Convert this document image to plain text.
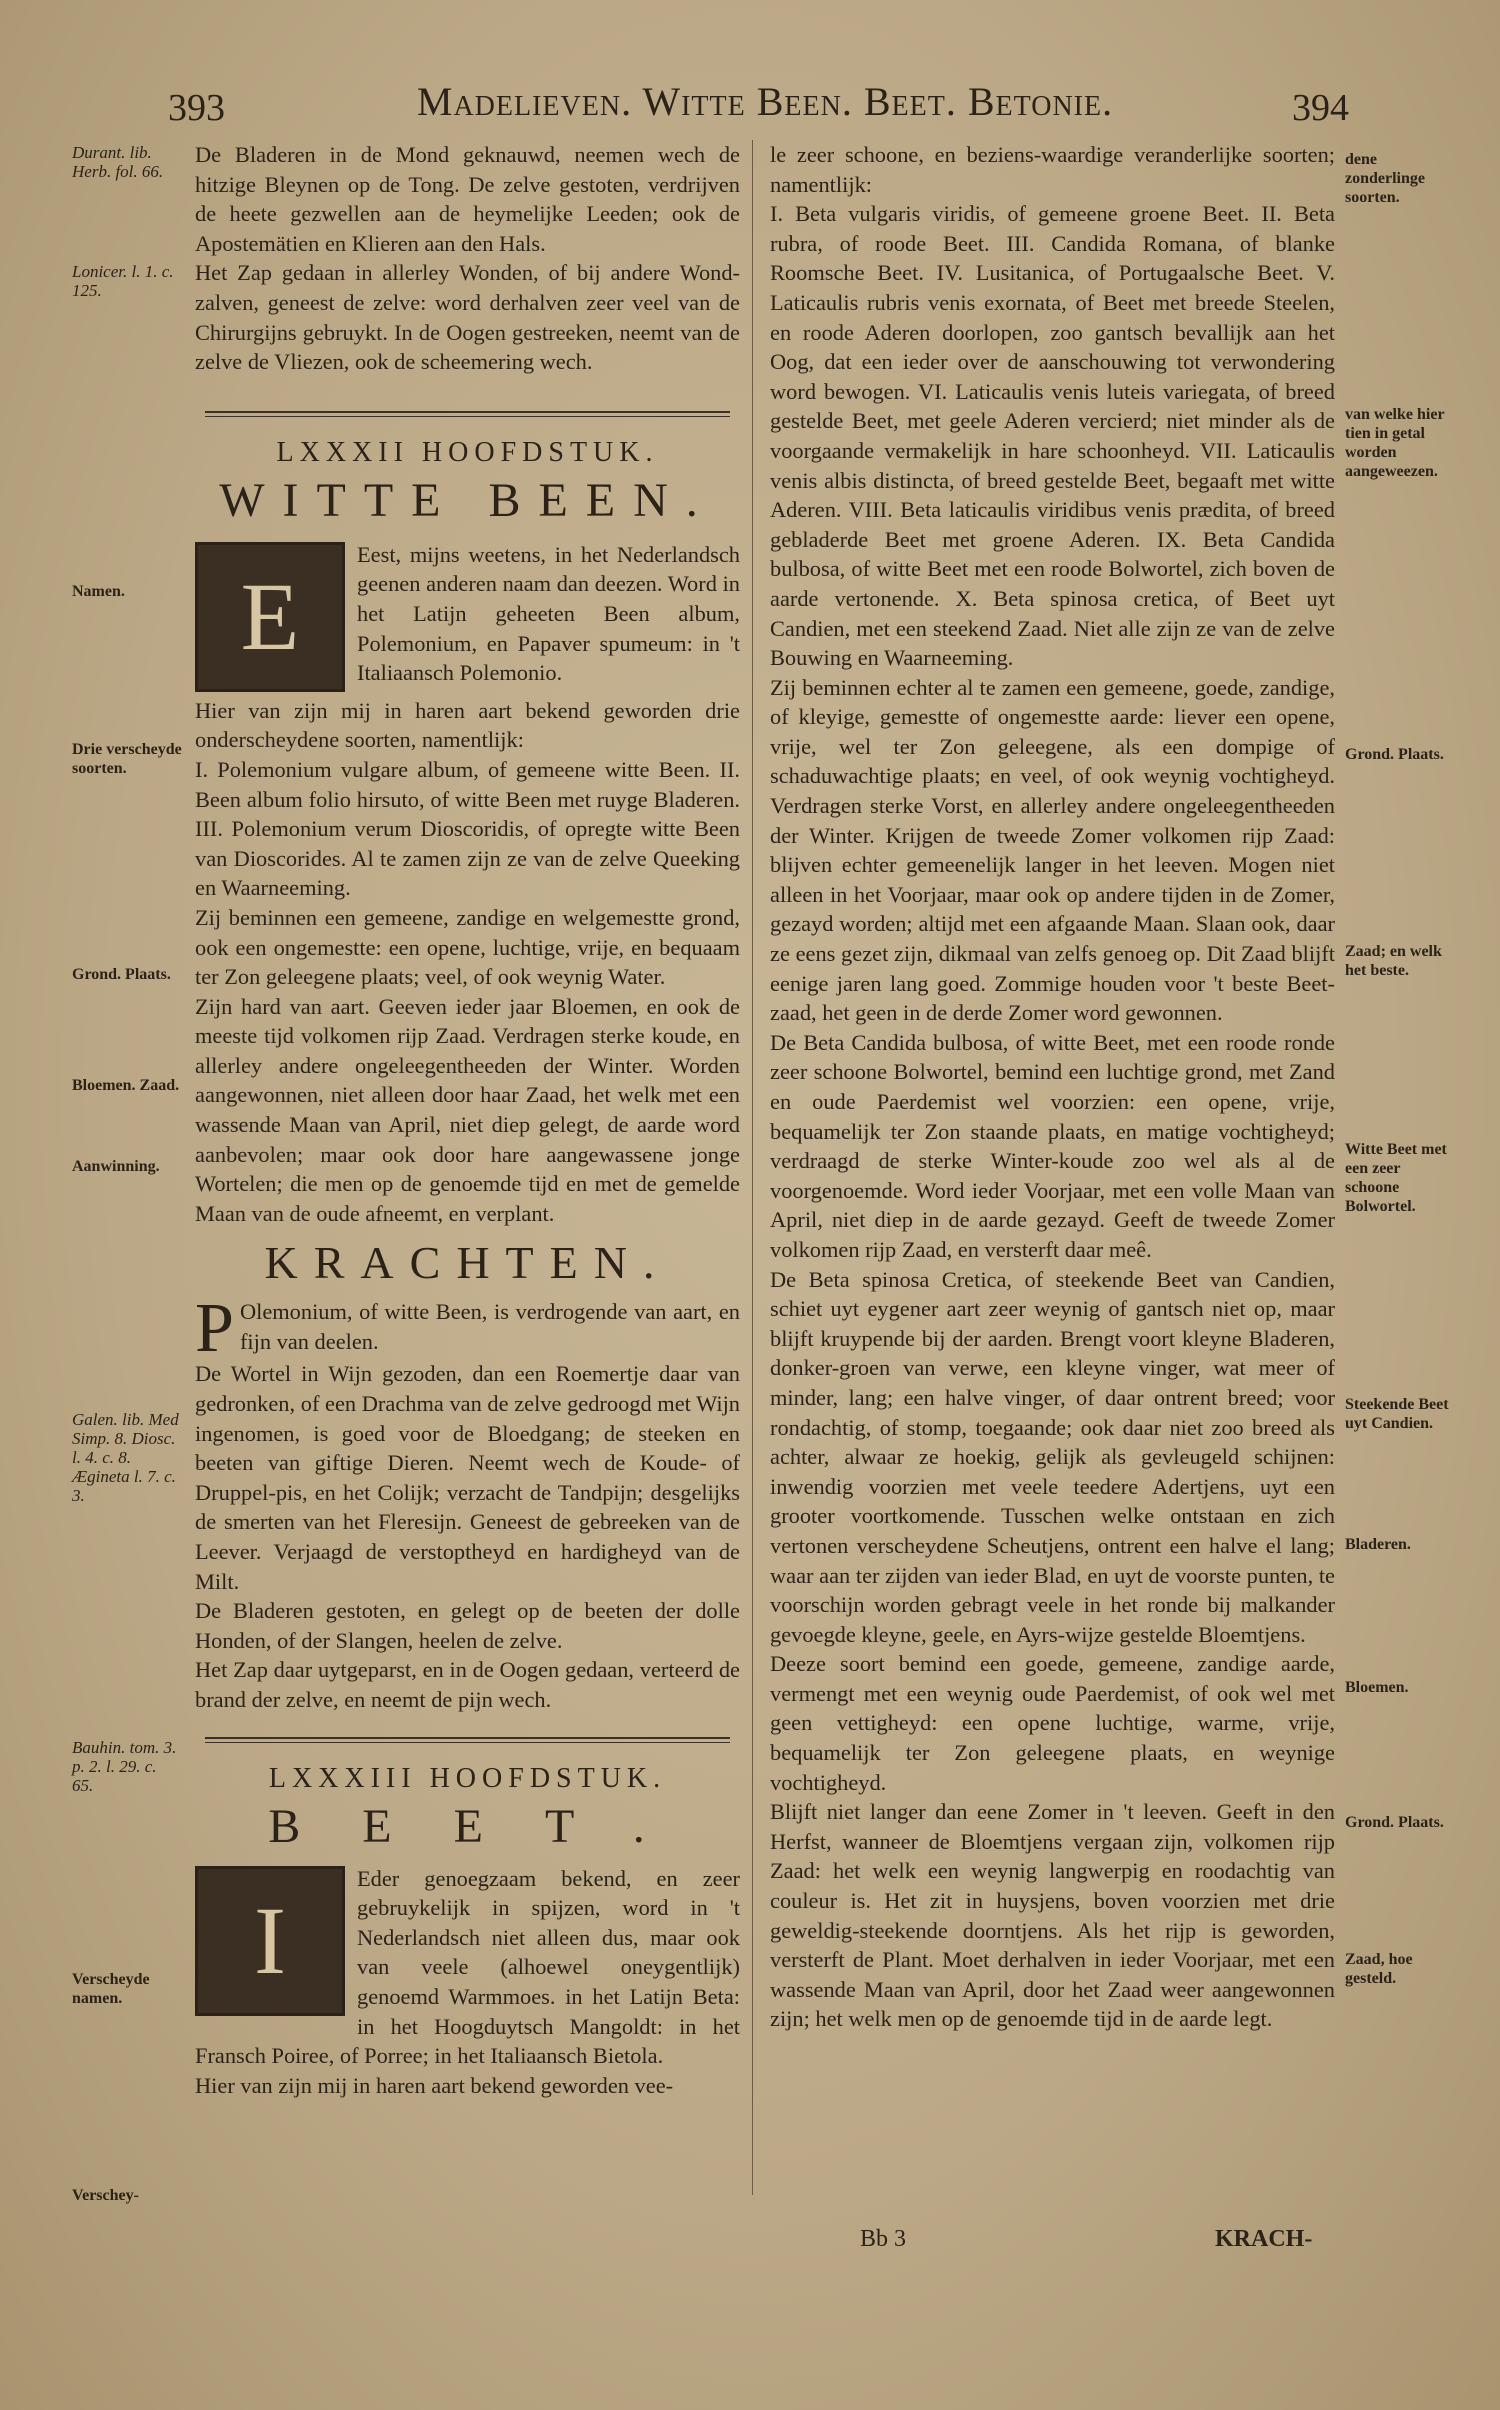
393	Madelieven. Witte Been. Beet. Betonie.	394
Durant. lib. Herb. fol. 66.
Lonicer. l. 1. c. 125.
Namen.
Drie verscheyde soorten.
Grond. Plaats.
Bloemen. Zaad.
Aanwinning.
Galen. lib. Med Simp. 8. Diosc. l. 4. c. 8. Ægineta l. 7. c. 3.
Bauhin. tom. 3. p. 2. l. 29. c. 65.
Verscheyde namen.
Verschey-

De Bladeren in de Mond geknauwd, neemen wech de hitzige Bleynen op de Tong. De zelve gestoten, verdrijven de heete gezwellen aan de heymelijke Leeden; ook de Apostemätien en Klieren aan den Hals.

Het Zap gedaan in allerley Wonden, of bij andere Wond-zalven, geneest de zelve: word derhalven zeer veel van de Chirurgijns gebruykt. In de Oogen gestreeken, neemt van de zelve de Vliezen, ook de scheemering wech.

LXXXII HOOFDSTUK.
WITTE BEEN.
E

Eest, mijns weetens, in het Nederlandsch geenen anderen naam dan deezen. Word in het Latijn geheeten Been album, Polemonium, en Papaver spumeum: in 't Italiaansch Polemonio.

Hier van zijn mij in haren aart bekend geworden drie onderscheydene soorten, namentlijk:

I. Polemonium vulgare album, of gemeene witte Been. II. Been album folio hirsuto, of witte Been met ruyge Bladeren. III. Polemonium verum Dioscoridis, of opregte witte Been van Dioscorides. Al te zamen zijn ze van de zelve Queeking en Waarneeming.

Zij beminnen een gemeene, zandige en welgemestte grond, ook een ongemestte: een opene, luchtige, vrije, en bequaam ter Zon geleegene plaats; veel, of ook weynig Water.

Zijn hard van aart. Geeven ieder jaar Bloemen, en ook de meeste tijd volkomen rijp Zaad. Verdragen sterke koude, en allerley andere ongeleegentheeden der Winter. Worden aangewonnen, niet alleen door haar Zaad, het welk met een wassende Maan van April, niet diep gelegt, de aarde word aanbevolen; maar ook door hare aangewassene jonge Wortelen; die men op de genoemde tijd en met de gemelde Maan van de oude afneemt, en verplant.

KRACHTEN.
P Olemonium, of witte Been, is verdrogende van aart, en fijn van deelen.

De Wortel in Wijn gezoden, dan een Roemertje daar van gedronken, of een Drachma van de zelve gedroogd met Wijn ingenomen, is goed voor de Bloedgang; de steeken en beeten van giftige Dieren. Neemt wech de Koude- of Druppel-pis, en het Colijk; verzacht de Tandpijn; desgelijks de smerten van het Fleresijn. Geneest de gebreeken van de Leever. Verjaagd de verstoptheyd en hardigheyd van de Milt.

De Bladeren gestoten, en gelegt op de beeten der dolle Honden, of der Slangen, heelen de zelve.

Het Zap daar uytgeparst, en in de Oogen gedaan, verteerd de brand der zelve, en neemt de pijn wech.

LXXXIII HOOFDSTUK.
BEET.
I

Eder genoegzaam bekend, en zeer gebruykelijk in spijzen, word in 't Nederlandsch niet alleen dus, maar ook van veele (alhoewel oneygentlijk) genoemd Warmmoes. in het Latijn Beta: in het Hoogduytsch Mangoldt: in het Fransch Poiree, of Porree; in het Italiaansch Bietola.

Hier van zijn mij in haren aart bekend geworden vee-

le zeer schoone, en beziens-waardige veranderlijke soorten; namentlijk:

I. Beta vulgaris viridis, of gemeene groene Beet. II. Beta rubra, of roode Beet. III. Candida Romana, of blanke Roomsche Beet. IV. Lusitanica, of Portugaalsche Beet. V. Laticaulis rubris venis exornata, of Beet met breede Steelen, en roode Aderen doorlopen, zoo gantsch bevallijk aan het Oog, dat een ieder over de aanschouwing tot verwondering word bewogen. VI. Laticaulis venis luteis variegata, of breed gestelde Beet, met geele Aderen vercierd; niet minder als de voorgaande vermakelijk in hare schoonheyd. VII. Laticaulis venis albis distincta, of breed gestelde Beet, begaaft met witte Aderen. VIII. Beta laticaulis viridibus venis prædita, of breed gebladerde Beet met groene Aderen. IX. Beta Candida bulbosa, of witte Beet met een roode Bolwortel, zich boven de aarde vertonende. X. Beta spinosa cretica, of Beet uyt Candien, met een steekend Zaad. Niet alle zijn ze van de zelve Bouwing en Waarneeming.

Zij beminnen echter al te zamen een gemeene, goede, zandige, of kleyige, gemestte of ongemestte aarde: liever een opene, vrije, wel ter Zon geleegene, als een dompige of schaduwachtige plaats; en veel, of ook weynig vochtigheyd. Verdragen sterke Vorst, en allerley andere ongeleegentheeden der Winter. Krijgen de tweede Zomer volkomen rijp Zaad: blijven echter gemeenelijk langer in het leeven. Mogen niet alleen in het Voorjaar, maar ook op andere tijden in de Zomer, gezayd worden; altijd met een afgaande Maan. Slaan ook, daar ze eens gezet zijn, dikmaal van zelfs genoeg op. Dit Zaad blijft eenige jaren lang goed. Zommige houden voor 't beste Beet-zaad, het geen in de derde Zomer word gewonnen.

De Beta Candida bulbosa, of witte Beet, met een roode ronde zeer schoone Bolwortel, bemind een luchtige grond, met Zand en oude Paerdemist wel voorzien: een opene, vrije, bequamelijk ter Zon staande plaats, en matige vochtigheyd; verdraagd de sterke Winter-koude zoo wel als al de voorgenoemde. Word ieder Voorjaar, met een volle Maan van April, niet diep in de aarde gezayd. Geeft de tweede Zomer volkomen rijp Zaad, en versterft daar meê.

De Beta spinosa Cretica, of steekende Beet van Candien, schiet uyt eygener aart zeer weynig of gantsch niet op, maar blijft kruypende bij der aarden. Brengt voort kleyne Bladeren, donker-groen van verwe, een kleyne vinger, wat meer of minder, lang; een halve vinger, of daar ontrent breed; voor rondachtig, of stomp, toegaande; ook daar niet zoo breed als achter, alwaar ze hoekig, gelijk als gevleugeld schijnen: inwendig voorzien met veele teedere Adertjens, uyt een grooter voortkomende. Tusschen welke ontstaan en zich vertonen verscheydene Scheutjens, ontrent een halve el lang; waar aan ter zijden van ieder Blad, en uyt de voorste punten, te voorschijn worden gebragt veele in het ronde bij malkander gevoegde kleyne, geele, en Ayrs-wijze gestelde Bloemtjens.

Deeze soort bemind een goede, gemeene, zandige aarde, vermengt met een weynig oude Paerdemist, of ook wel met geen vettigheyd: een opene luchtige, warme, vrije, bequamelijk ter Zon geleegene plaats, en weynige vochtigheyd.

Blijft niet langer dan eene Zomer in 't leeven. Geeft in den Herfst, wanneer de Bloemtjens vergaan zijn, volkomen rijp Zaad: het welk een weynig langwerpig en roodachtig van couleur is. Het zit in huysjens, boven voorzien met drie geweldig-steekende doorntjens. Als het rijp is geworden, versterft de Plant. Moet derhalven in ieder Voorjaar, met een wassende Maan van April, door het Zaad weer aangewonnen zijn; het welk men op de genoemde tijd in de aarde legt.

dene zonderlinge soorten.
van welke hier tien in getal worden aangeweezen.
Grond. Plaats.
Zaad; en welk het beste.
Witte Beet met een zeer schoone Bolwortel.
Steekende Beet uyt Candien.
Bladeren.
Bloemen.
Grond. Plaats.
Zaad, hoe gesteld.
Bb 3	KRACH-
